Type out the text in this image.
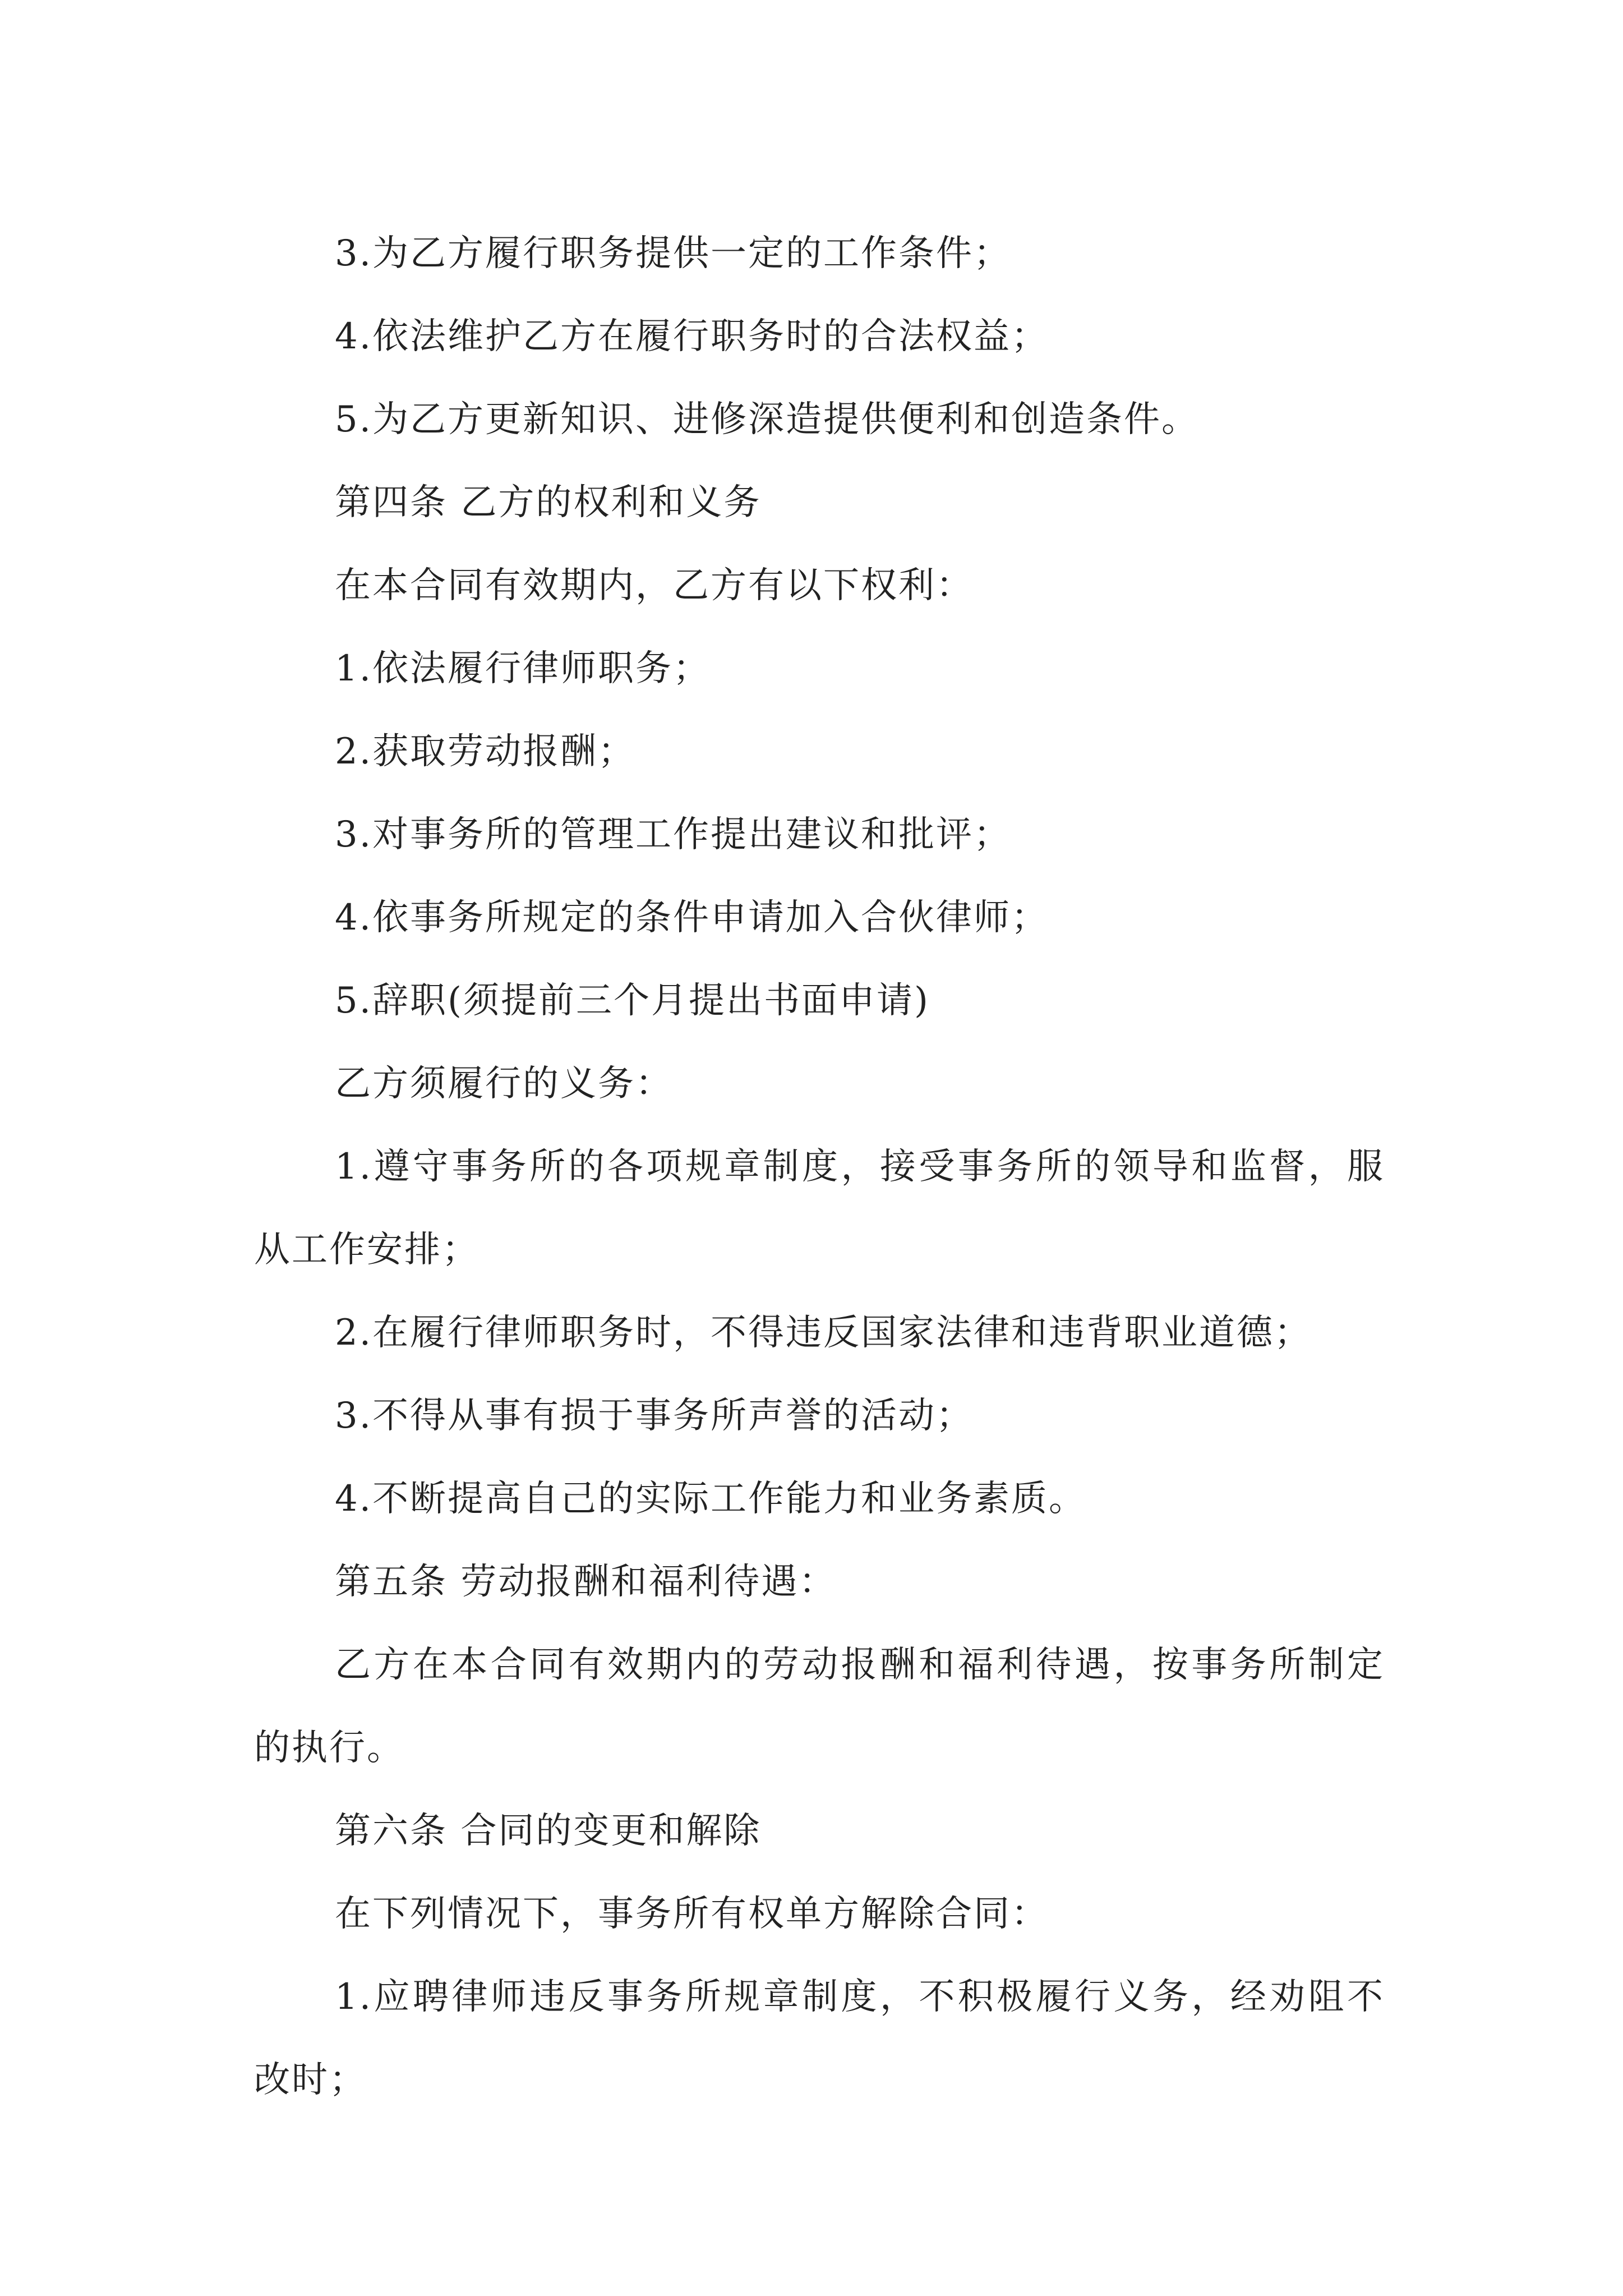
3.为乙方履行职务提供一定的工作条件；

4.依法维护乙方在履行职务时的合法权益；

5.为乙方更新知识、进修深造提供便利和创造条件。

第四条 乙方的权利和义务

在本合同有效期内，乙方有以下权利：

1.依法履行律师职务；

2.获取劳动报酬；

3.对事务所的管理工作提出建议和批评；

4.依事务所规定的条件申请加入合伙律师；

5.辞职(须提前三个月提出书面申请)

乙方须履行的义务：

1.遵守事务所的各项规章制度，接受事务所的领导和监督，服从工作安排；

2.在履行律师职务时，不得违反国家法律和违背职业道德；

3.不得从事有损于事务所声誉的活动；

4.不断提高自己的实际工作能力和业务素质。

第五条 劳动报酬和福利待遇：

乙方在本合同有效期内的劳动报酬和福利待遇，按事务所制定的执行。

第六条 合同的变更和解除

在下列情况下，事务所有权单方解除合同：

1.应聘律师违反事务所规章制度，不积极履行义务，经劝阻不改时；
